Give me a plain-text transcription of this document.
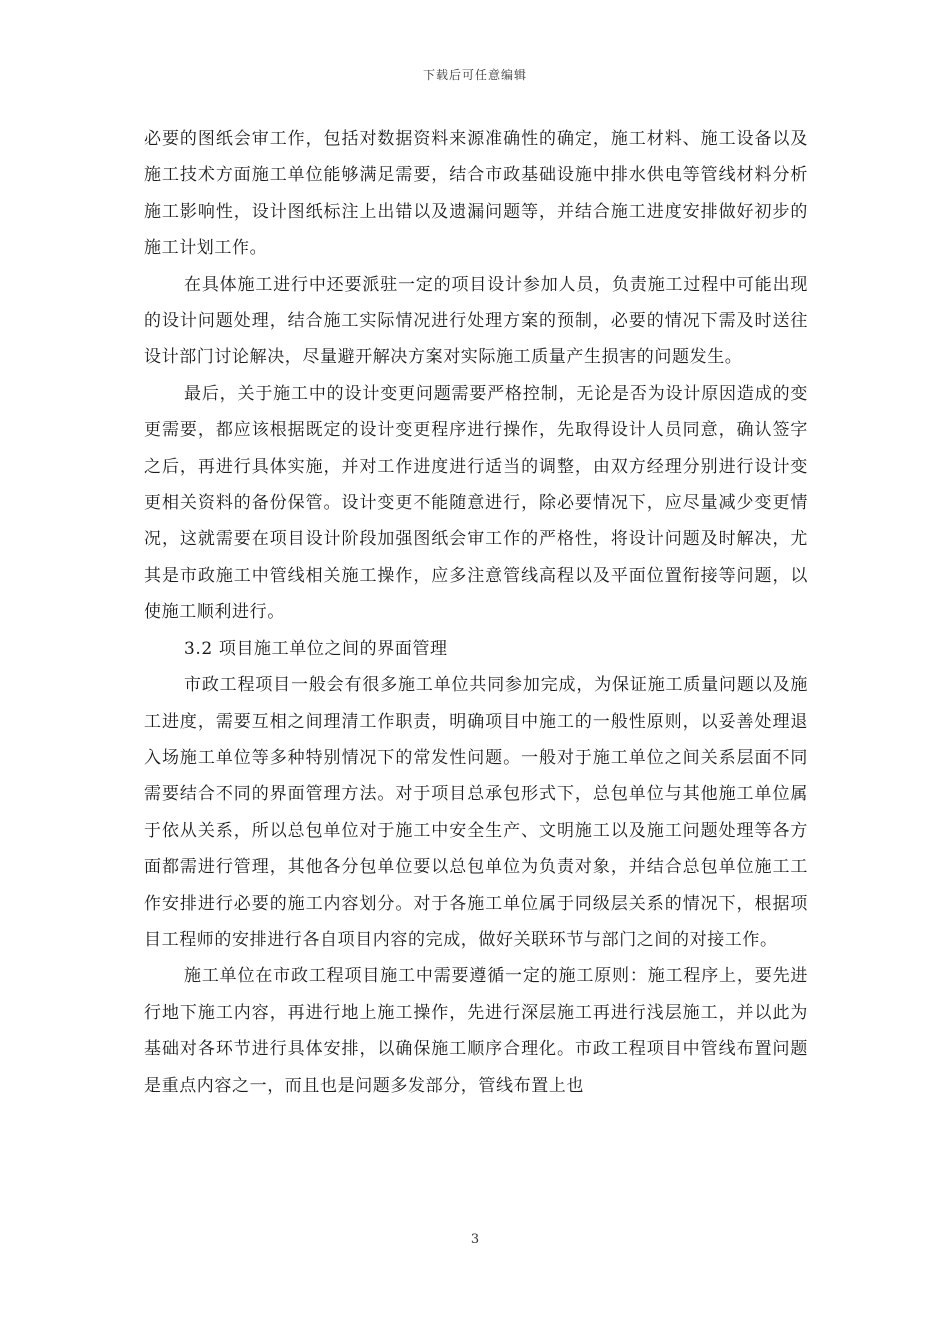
下载后可任意编辑

必要的图纸会审工作，包括对数据资料来源准确性的确定，施工材料、施工设备以及施工技术方面施工单位能够满足需要，结合市政基础设施中排水供电等管线材料分析施工影响性，设计图纸标注上出错以及遗漏问题等，并结合施工进度安排做好初步的施工计划工作。

在具体施工进行中还要派驻一定的项目设计参加人员，负责施工过程中可能出现的设计问题处理，结合施工实际情况进行处理方案的预制，必要的情况下需及时送往设计部门讨论解决，尽量避开解决方案对实际施工质量产生损害的问题发生。

最后，关于施工中的设计变更问题需要严格控制，无论是否为设计原因造成的变更需要，都应该根据既定的设计变更程序进行操作，先取得设计人员同意，确认签字之后，再进行具体实施，并对工作进度进行适当的调整，由双方经理分别进行设计变更相关资料的备份保管。设计变更不能随意进行，除必要情况下，应尽量减少变更情况，这就需要在项目设计阶段加强图纸会审工作的严格性，将设计问题及时解决，尤其是市政施工中管线相关施工操作，应多注意管线高程以及平面位置衔接等问题，以使施工顺利进行。

3.2 项目施工单位之间的界面管理

市政工程项目一般会有很多施工单位共同参加完成，为保证施工质量问题以及施工进度，需要互相之间理清工作职责，明确项目中施工的一般性原则，以妥善处理退入场施工单位等多种特别情况下的常发性问题。一般对于施工单位之间关系层面不同需要结合不同的界面管理方法。对于项目总承包形式下，总包单位与其他施工单位属于依从关系，所以总包单位对于施工中安全生产、文明施工以及施工问题处理等各方面都需进行管理，其他各分包单位要以总包单位为负责对象，并结合总包单位施工工作安排进行必要的施工内容划分。对于各施工单位属于同级层关系的情况下，根据项目工程师的安排进行各自项目内容的完成，做好关联环节与部门之间的对接工作。

施工单位在市政工程项目施工中需要遵循一定的施工原则：施工程序上，要先进行地下施工内容，再进行地上施工操作，先进行深层施工再进行浅层施工，并以此为基础对各环节进行具体安排，以确保施工顺序合理化。市政工程项目中管线布置问题是重点内容之一，而且也是问题多发部分，管线布置上也

3
